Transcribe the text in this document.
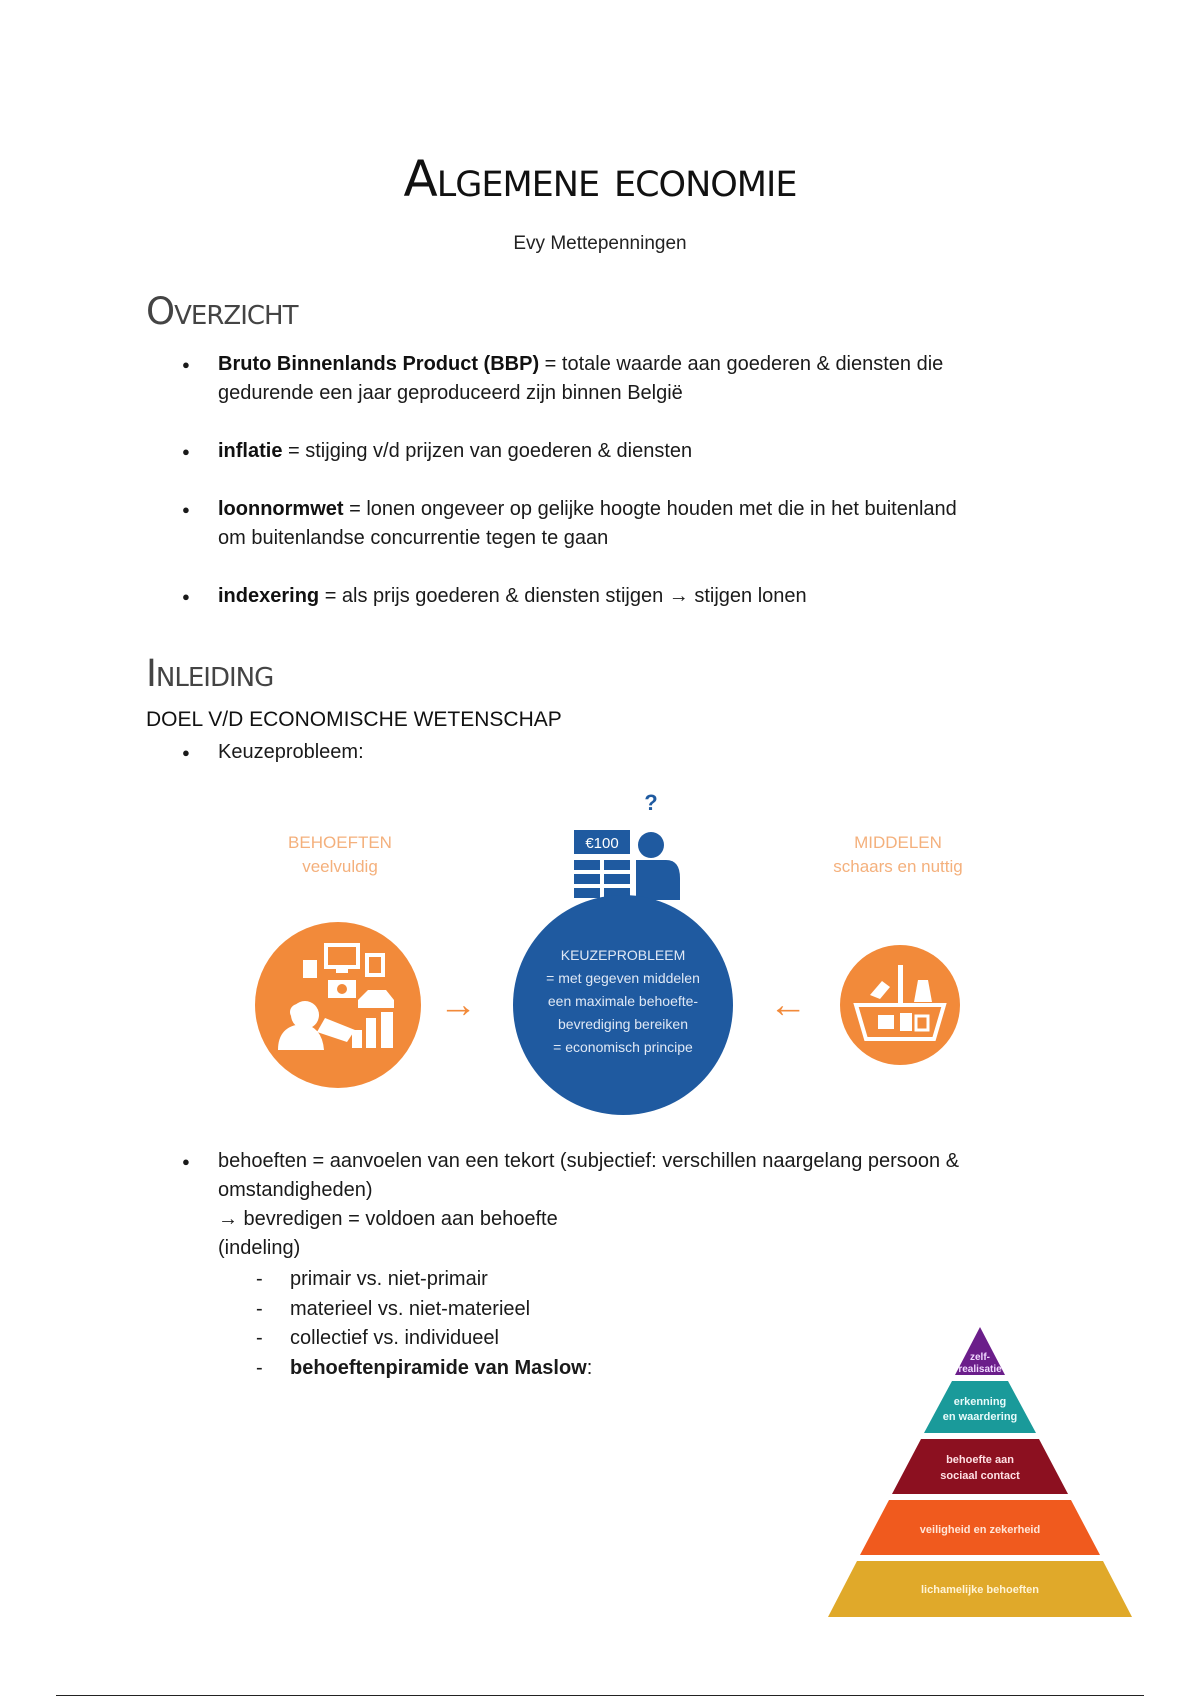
Algemene economie
Evy Mettepenningen
Overzicht
● Bruto Binnenlands Product (BBP) = totale waarde aan goederen & diensten die
gedurende een jaar geproduceerd zijn binnen België
● inflatie = stijging v/d prijzen van goederen & diensten
● loonnormwet = lonen ongeveer op gelijke hoogte houden met die in het buitenland
om buitenlandse concurrentie tegen te gaan
● indexering = als prijs goederen & diensten stijgen → stijgen lonen
Inleiding
DOEL V/D ECONOMISCHE WETENSCHAP
● Keuzeprobleem:
BEHOEFTEN
veelvuldig
MIDDELEN
schaars en nuttig
→
?
€100
KEUZEPROBLEEM
= met gegeven middelen
een maximale behoefte-
bevrediging bereiken
= economisch principe
←
● behoeften = aanvoelen van een tekort (subjectief: verschillen naargelang persoon &
omstandigheden)
→ bevredigen = voldoen aan behoefte
(indeling)
- primair vs. niet-primair
- materieel vs. niet-materieel
- collectief vs. individueel
- behoeftenpiramide van Maslow:	zelf-
realisatie
erkenning
en waardering
behoefte aan
sociaal contact
veiligheid en zekerheid
lichamelijke behoeften
